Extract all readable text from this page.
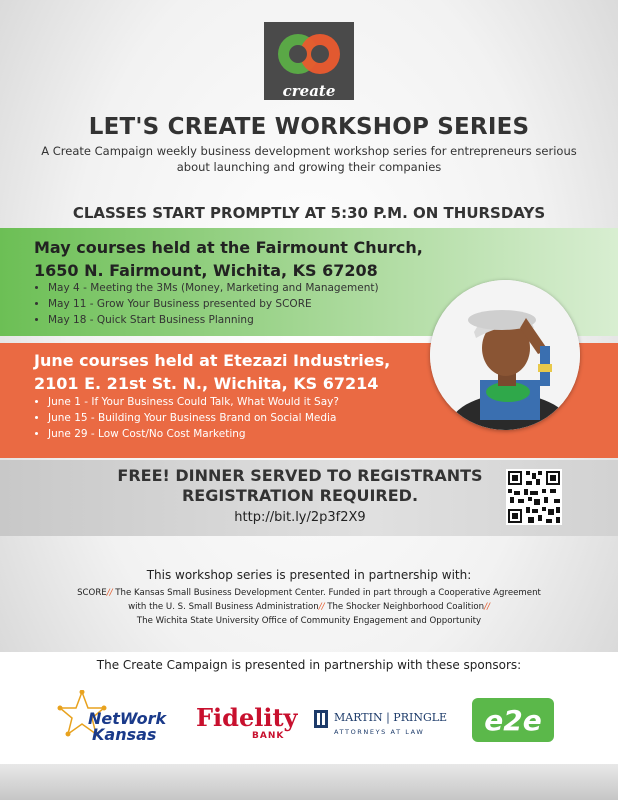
create
LET'S CREATE WORKSHOP SERIES
A Create Campaign weekly business development workshop series for entrepreneurs serious about launching and growing their companies
CLASSES START PROMPTLY AT 5:30 P.M. ON THURSDAYS
May courses held at the Fairmount Church,
1650 N. Fairmount, Wichita, KS 67208
• May 4 - Meeting the 3Ms (Money, Marketing and Management)
• May 11 - Grow Your Business presented by SCORE
• May 18 - Quick Start Business Planning
June courses held at Etezazi Industries,
2101 E. 21st St. N., Wichita, KS 67214
• June 1 - If Your Business Could Talk, What Would it Say?
• June 15 - Building Your Business Brand on Social Media
• June 29 - Low Cost/No Cost Marketing
FREE! DINNER SERVED TO REGISTRANTS
REGISTRATION REQUIRED.
http://bit.ly/2p3f2X9
This workshop series is presented in partnership with:
SCORE// The Kansas Small Business Development Center. Funded in part through a Cooperative Agreement
with the U. S. Small Business Administration// The Shocker Neighborhood Coalition//
The Wichita State University Office of Community Engagement and Opportunity
The Create Campaign is presented in partnership with these sponsors:
NetWork
Kansas
Fidelity
BANK
MARTIN | PRINGLE
ATTORNEYS AT LAW e2e
